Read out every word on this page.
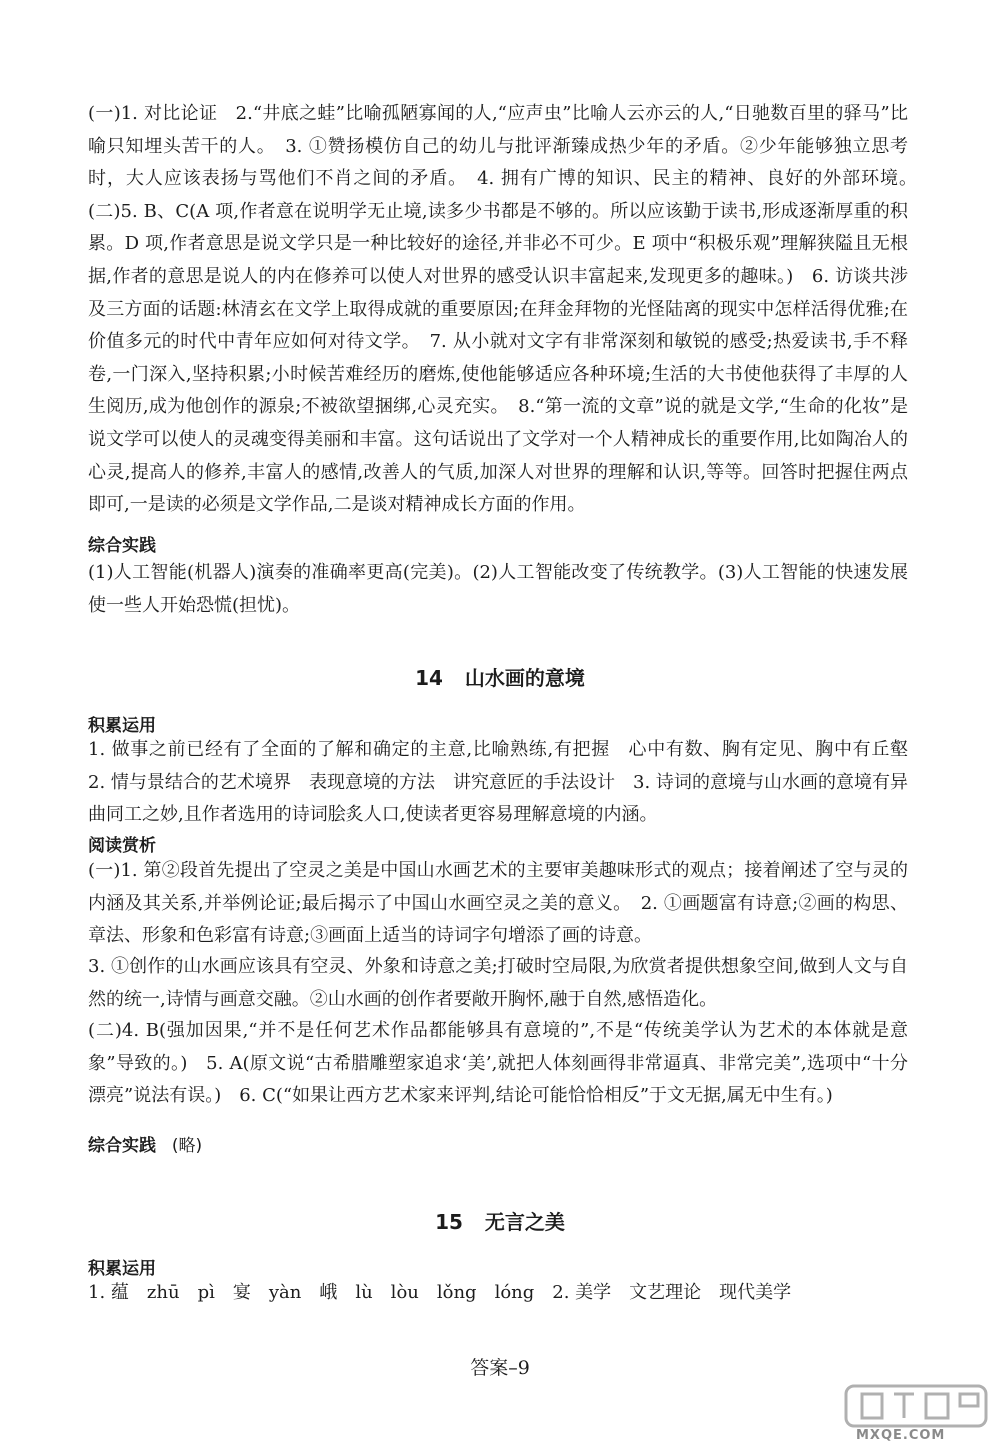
(一)1. 对比论证　2.“井底之蛙”比喻孤陋寡闻的人,“应声虫”比喻人云亦云的人,“日驰数百里的驿马”比喻只知埋头苦干的人。　3. ①赞扬模仿自己的幼儿与批评渐臻成热少年的矛盾。②少年能够独立思考时，大人应该表扬与骂他们不肖之间的矛盾。　4. 拥有广博的知识、民主的精神、良好的外部环境。　(二)5. B、C(A 项,作者意在说明学无止境,读多少书都是不够的。所以应该勤于读书,形成逐渐厚重的积累。D 项,作者意思是说文学只是一种比较好的途径,并非必不可少。E 项中“积极乐观”理解狭隘且无根据,作者的意思是说人的内在修养可以使人对世界的感受认识丰富起来,发现更多的趣味。)　6. 访谈共涉及三方面的话题:林清玄在文学上取得成就的重要原因;在拜金拜物的光怪陆离的现实中怎样活得优雅;在价值多元的时代中青年应如何对待文学。　7. 从小就对文字有非常深刻和敏锐的感受;热爱读书,手不释卷,一门深入,坚持积累;小时候苦难经历的磨炼,使他能够适应各种环境;生活的大书使他获得了丰厚的人生阅历,成为他创作的源泉;不被欲望捆绑,心灵充实。　8.“第一流的文章”说的就是文学,“生命的化妆”是说文学可以使人的灵魂变得美丽和丰富。这句话说出了文学对一个人精神成长的重要作用,比如陶冶人的心灵,提高人的修养,丰富人的感情,改善人的气质,加深人对世界的理解和认识,等等。回答时把握住两点即可,一是读的必须是文学作品,二是谈对精神成长方面的作用。

综合实践

(1)人工智能(机器人)演奏的准确率更高(完美)。(2)人工智能改变了传统教学。(3)人工智能的快速发展使一些人开始恐慌(担忧)。

14 山水画的意境

积累运用

1. 做事之前已经有了全面的了解和确定的主意,比喻熟练,有把握　心中有数、胸有定见、胸中有丘壑　2. 情与景结合的艺术境界　表现意境的方法　讲究意匠的手法设计　3. 诗词的意境与山水画的意境有异曲同工之妙,且作者选用的诗词脍炙人口,使读者更容易理解意境的内涵。

阅读赏析

(一)1. 第②段首先提出了空灵之美是中国山水画艺术的主要审美趣味形式的观点；接着阐述了空与灵的内涵及其关系,并举例论证;最后揭示了中国山水画空灵之美的意义。　2. ①画题富有诗意;②画的构思、章法、形象和色彩富有诗意;③画面上适当的诗词字句增添了画的诗意。

3. ①创作的山水画应该具有空灵、外象和诗意之美;打破时空局限,为欣赏者提供想象空间,做到人文与自然的统一,诗情与画意交融。②山水画的创作者要敞开胸怀,融于自然,感悟造化。

(二)4. B(强加因果,“并不是任何艺术作品都能够具有意境的”,不是“传统美学认为艺术的本体就是意象”导致的。)　5. A(原文说“古希腊雕塑家追求‘美’,就把人体刻画得非常逼真、非常完美”,选项中“十分漂亮”说法有误。)　6. C(“如果让西方艺术家来评判,结论可能恰恰相反”于文无据,属无中生有。)

综合实践 (略)

15 无言之美

积累运用

1. 蕴　zhū　pì　宴　yàn　峨　lù　lòu　lǒng　lóng　2. 美学　文艺理论　现代美学

答案–9

MXQE.COM
